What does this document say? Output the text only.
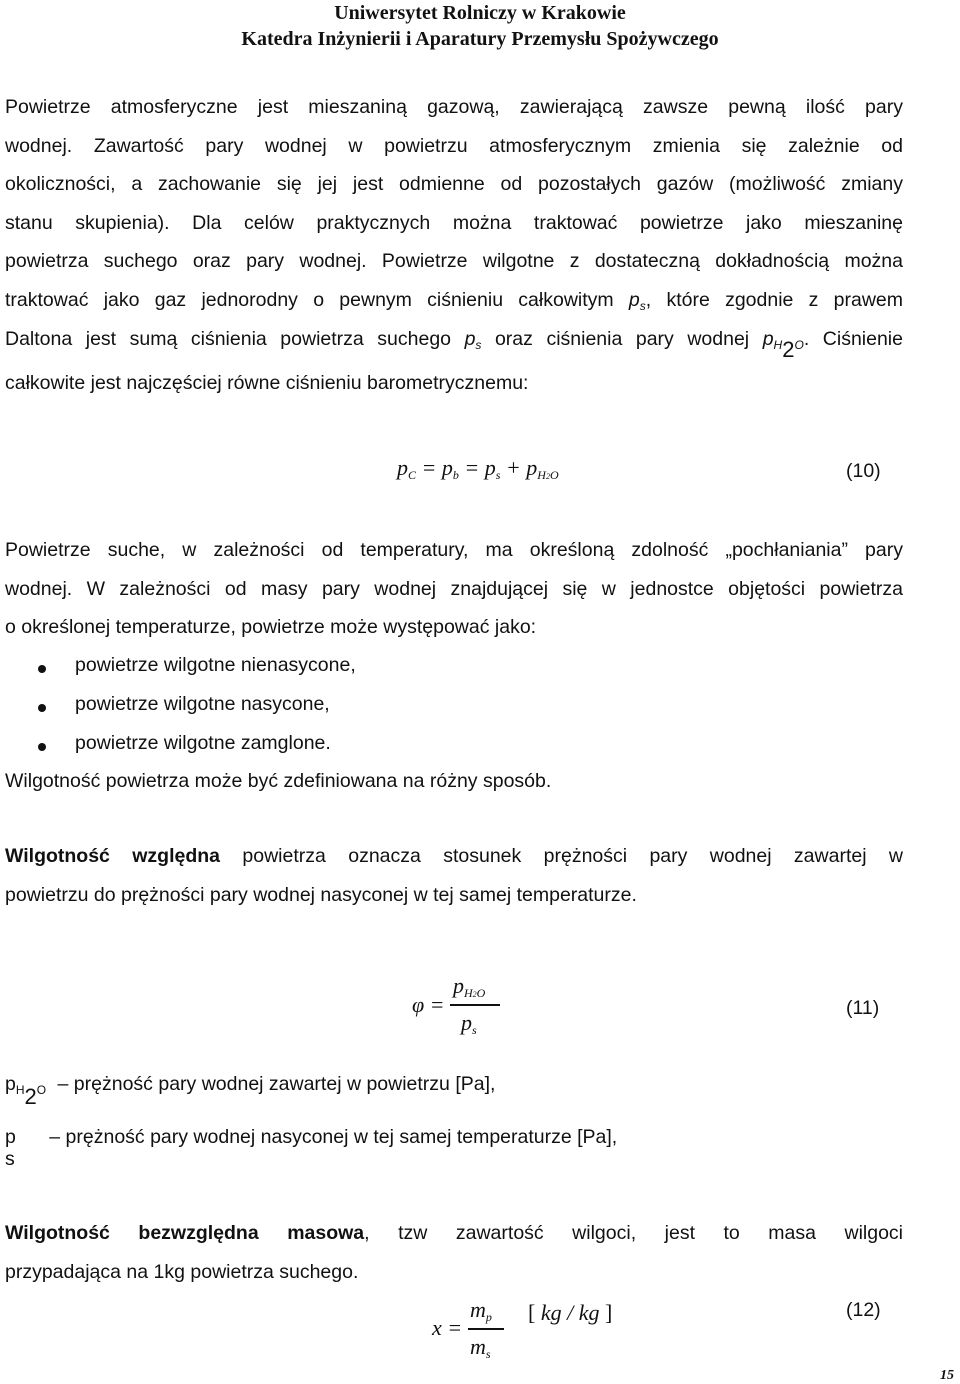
Uniwersytet Rolniczy w Krakowie
Katedra Inżynierii i Aparatury Przemysłu Spożywczego
Powietrze atmosferyczne jest mieszaniną gazową, zawierającą zawsze pewną ilość pary
wodnej. Zawartość pary wodnej w powietrzu atmosferycznym zmienia się zależnie od
okoliczności, a zachowanie się jej jest odmienne od pozostałych gazów (możliwość zmiany
stanu skupienia). Dla celów praktycznych można traktować powietrze jako mieszaninę
powietrza suchego oraz pary wodnej. Powietrze wilgotne z dostateczną dokładnością można
traktować jako gaz jednorodny o pewnym ciśnieniu całkowitym $p_s$, które zgodnie z prawem
Daltona jest sumą ciśnienia powietrza suchego $p_s$ oraz ciśnienia pary wodnej $p_H2_O$. Ciśnienie
całkowite jest najczęściej równe ciśnieniu barometrycznemu:
$p_C = p_b = p_s + p_{H2O}$	(10)
Powietrze suche, w zależności od temperatury, ma określoną zdolność „pochłaniania” pary
wodnej. W zależności od masy pary wodnej znajdującej się w jednostce objętości powietrza
o określonej temperaturze, powietrze może występować jako:
powietrze wilgotne nienasycone,
powietrze wilgotne nasycone,
powietrze wilgotne zamglone.
Wilgotność powietrza może być zdefiniowana na różny sposób.
Wilgotność względna powietrza oznacza stosunek prężności pary wodnej zawartej w
powietrzu do prężności pary wodnej nasyconej w tej samej temperaturze.
φ =
$p_{H2O}$
$p_s$
(11)
$p_H2_O$ – prężność pary wodnej zawartej w powietrzu [Pa],
p
s
– prężność pary wodnej nasyconej w tej samej temperaturze [Pa],
Wilgotność bezwzględna masowa, tzw zawartość wilgoci, jest to masa wilgoci
przypadająca na 1kg powietrza suchego.
x =
$m_p$
$m_s$
[ kg / kg ]	(12)
15
